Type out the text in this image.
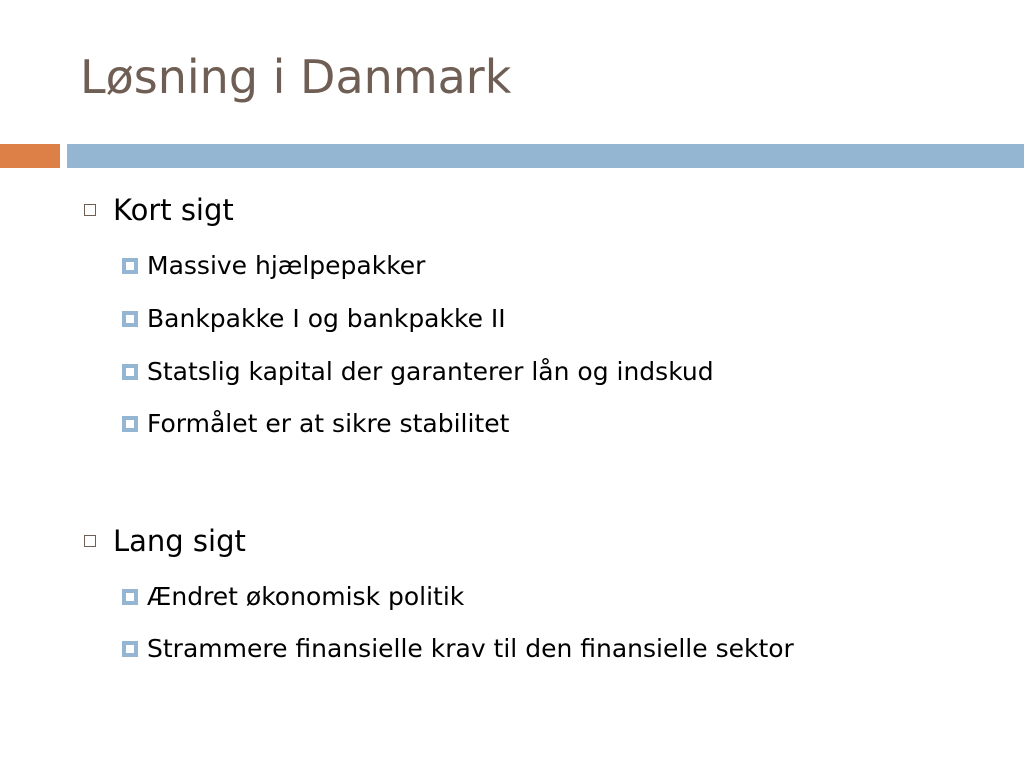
Løsning i Danmark
Kort sigt
Massive hjælpepakker
Bankpakke I og bankpakke II
Statslig kapital der garanterer lån og indskud
Formålet er at sikre stabilitet
Lang sigt
Ændret økonomisk politik
Strammere finansielle krav til den finansielle sektor
